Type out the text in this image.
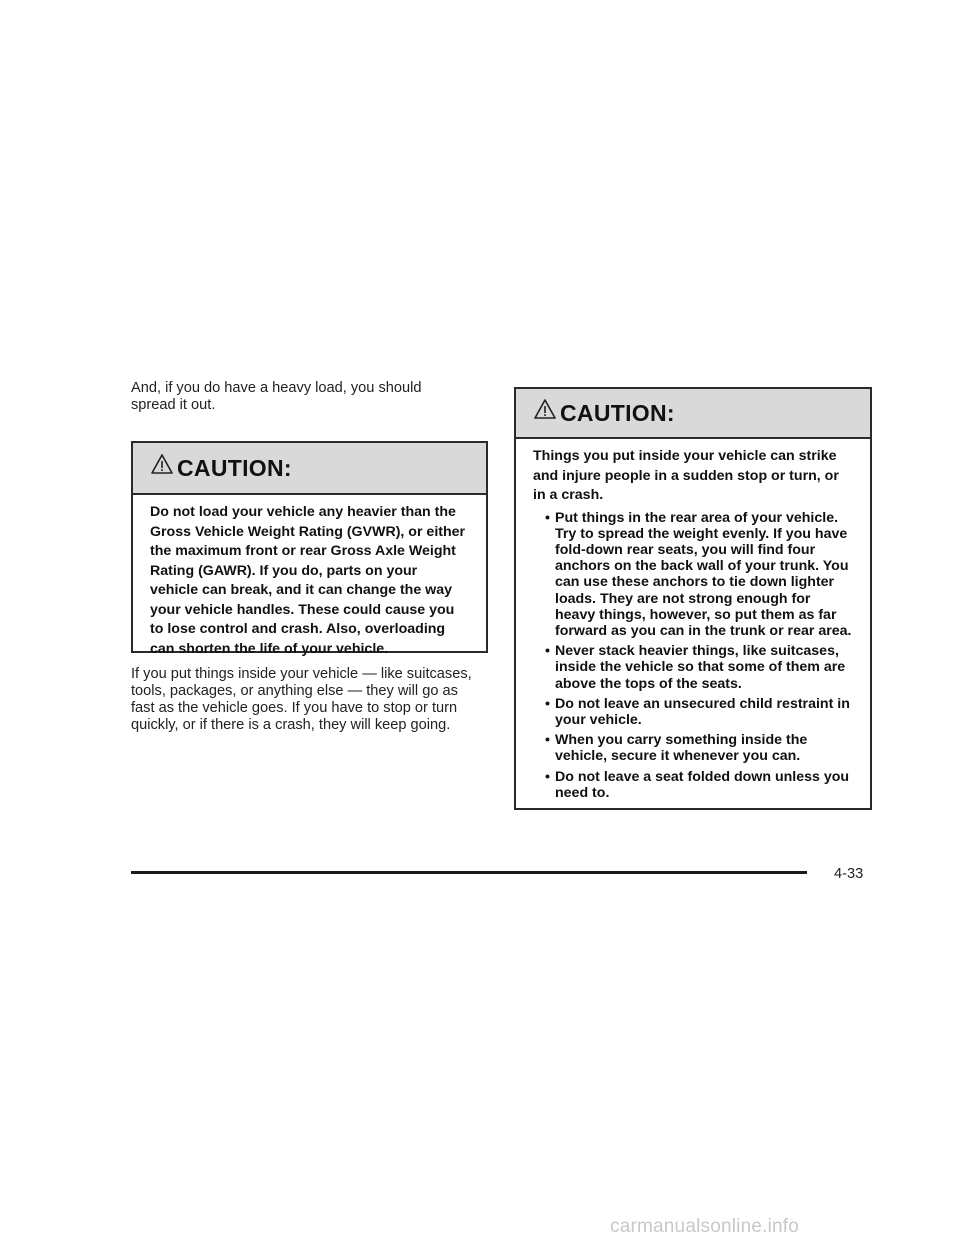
And, if you do have a heavy load, you should spread it out.

CAUTION:

Do not load your vehicle any heavier than the Gross Vehicle Weight Rating (GVWR), or either the maximum front or rear Gross Axle Weight Rating (GAWR). If you do, parts on your vehicle can break, and it can change the way your vehicle handles. These could cause you to lose control and crash. Also, overloading can shorten the life of your vehicle.

If you put things inside your vehicle — like suitcases, tools, packages, or anything else — they will go as fast as the vehicle goes. If you have to stop or turn quickly, or if there is a crash, they will keep going.

CAUTION:

Things you put inside your vehicle can strike and injure people in a sudden stop or turn, or in a crash.

• Put things in the rear area of your vehicle. Try to spread the weight evenly. If you have fold-down rear seats, you will find four anchors on the back wall of your trunk. You can use these anchors to tie down lighter loads. They are not strong enough for heavy things, however, so put them as far forward as you can in the trunk or rear area.
• Never stack heavier things, like suitcases, inside the vehicle so that some of them are above the tops of the seats.
• Do not leave an unsecured child restraint in your vehicle.
• When you carry something inside the vehicle, secure it whenever you can.
• Do not leave a seat folded down unless you need to.
4-33
carmanualsonline.info
